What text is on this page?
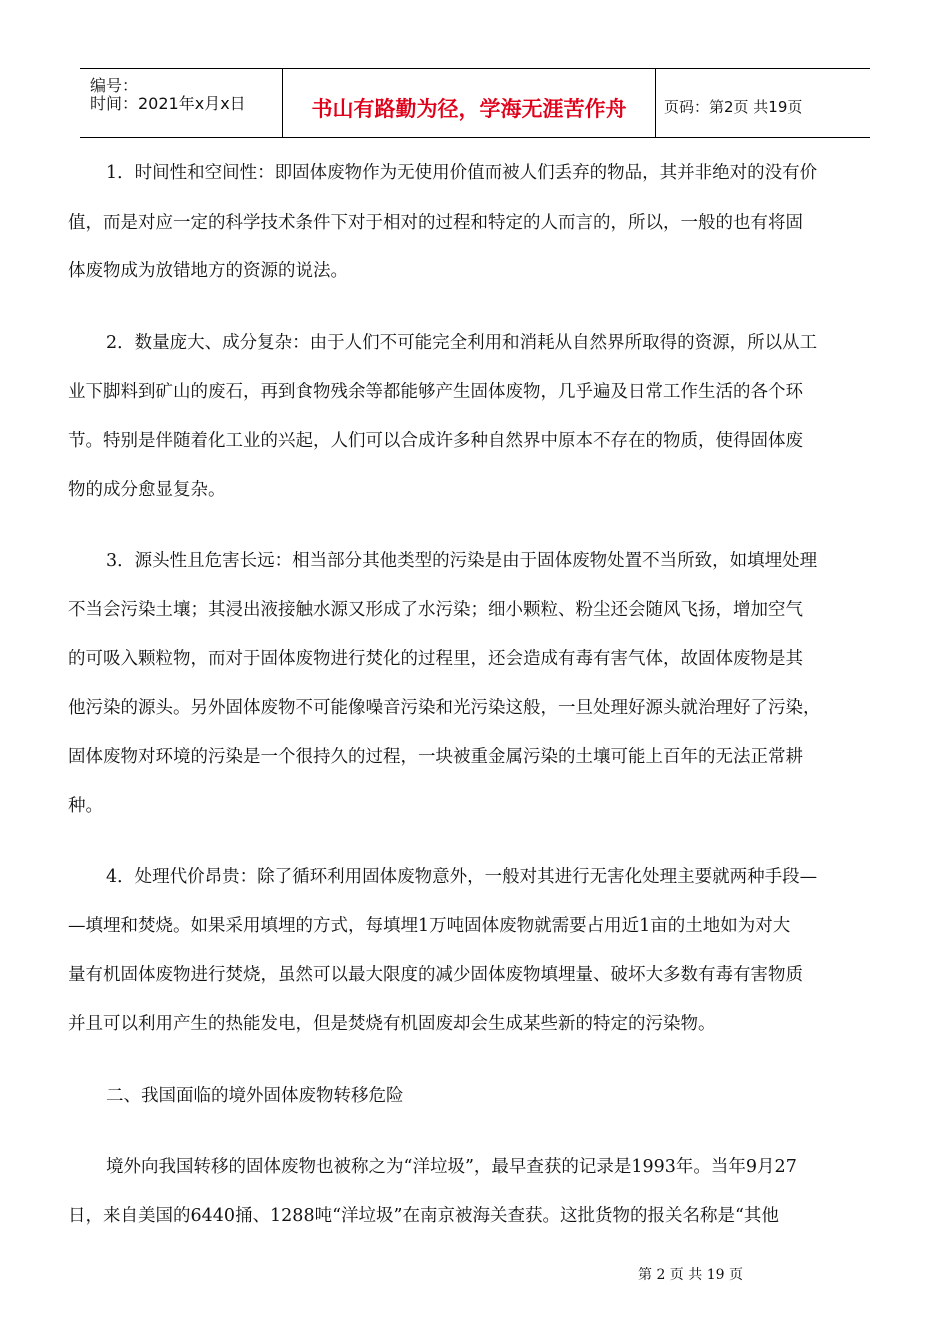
编号：
时间：2021年x月x日	书山有路勤为径，学海无涯苦作舟	页码：第2页 共19页
1．时间性和空间性：即固体废物作为无使用价值而被人们丢弃的物品，其并非绝对的没有价
值，而是对应一定的科学技术条件下对于相对的过程和特定的人而言的，所以，一般的也有将固
体废物成为放错地方的资源的说法。
2．数量庞大、成分复杂：由于人们不可能完全利用和消耗从自然界所取得的资源，所以从工
业下脚料到矿山的废石，再到食物残余等都能够产生固体废物，几乎遍及日常工作生活的各个环
节。特别是伴随着化工业的兴起，人们可以合成许多种自然界中原本不存在的物质，使得固体废
物的成分愈显复杂。
3．源头性且危害长远：相当部分其他类型的污染是由于固体废物处置不当所致，如填埋处理
不当会污染土壤；其浸出液接触水源又形成了水污染；细小颗粒、粉尘还会随风飞扬，增加空气
的可吸入颗粒物，而对于固体废物进行焚化的过程里，还会造成有毒有害气体，故固体废物是其
他污染的源头。另外固体废物不可能像噪音污染和光污染这般，一旦处理好源头就治理好了污染，
固体废物对环境的污染是一个很持久的过程，一块被重金属污染的土壤可能上百年的无法正常耕
种。
4．处理代价昂贵：除了循环利用固体废物意外，一般对其进行无害化处理主要就两种手段—
—填埋和焚烧。如果采用填埋的方式，每填埋1万吨固体废物就需要占用近1亩的土地如为对大
量有机固体废物进行焚烧，虽然可以最大限度的减少固体废物填埋量、破坏大多数有毒有害物质
并且可以利用产生的热能发电，但是焚烧有机固废却会生成某些新的特定的污染物。
二、我国面临的境外固体废物转移危险
境外向我国转移的固体废物也被称之为“洋垃圾”，最早查获的记录是1993年。当年9月27
日，来自美国的6440捅、1288吨“洋垃圾”在南京被海关查获。这批货物的报关名称是“其他
第 2 页 共 19 页
